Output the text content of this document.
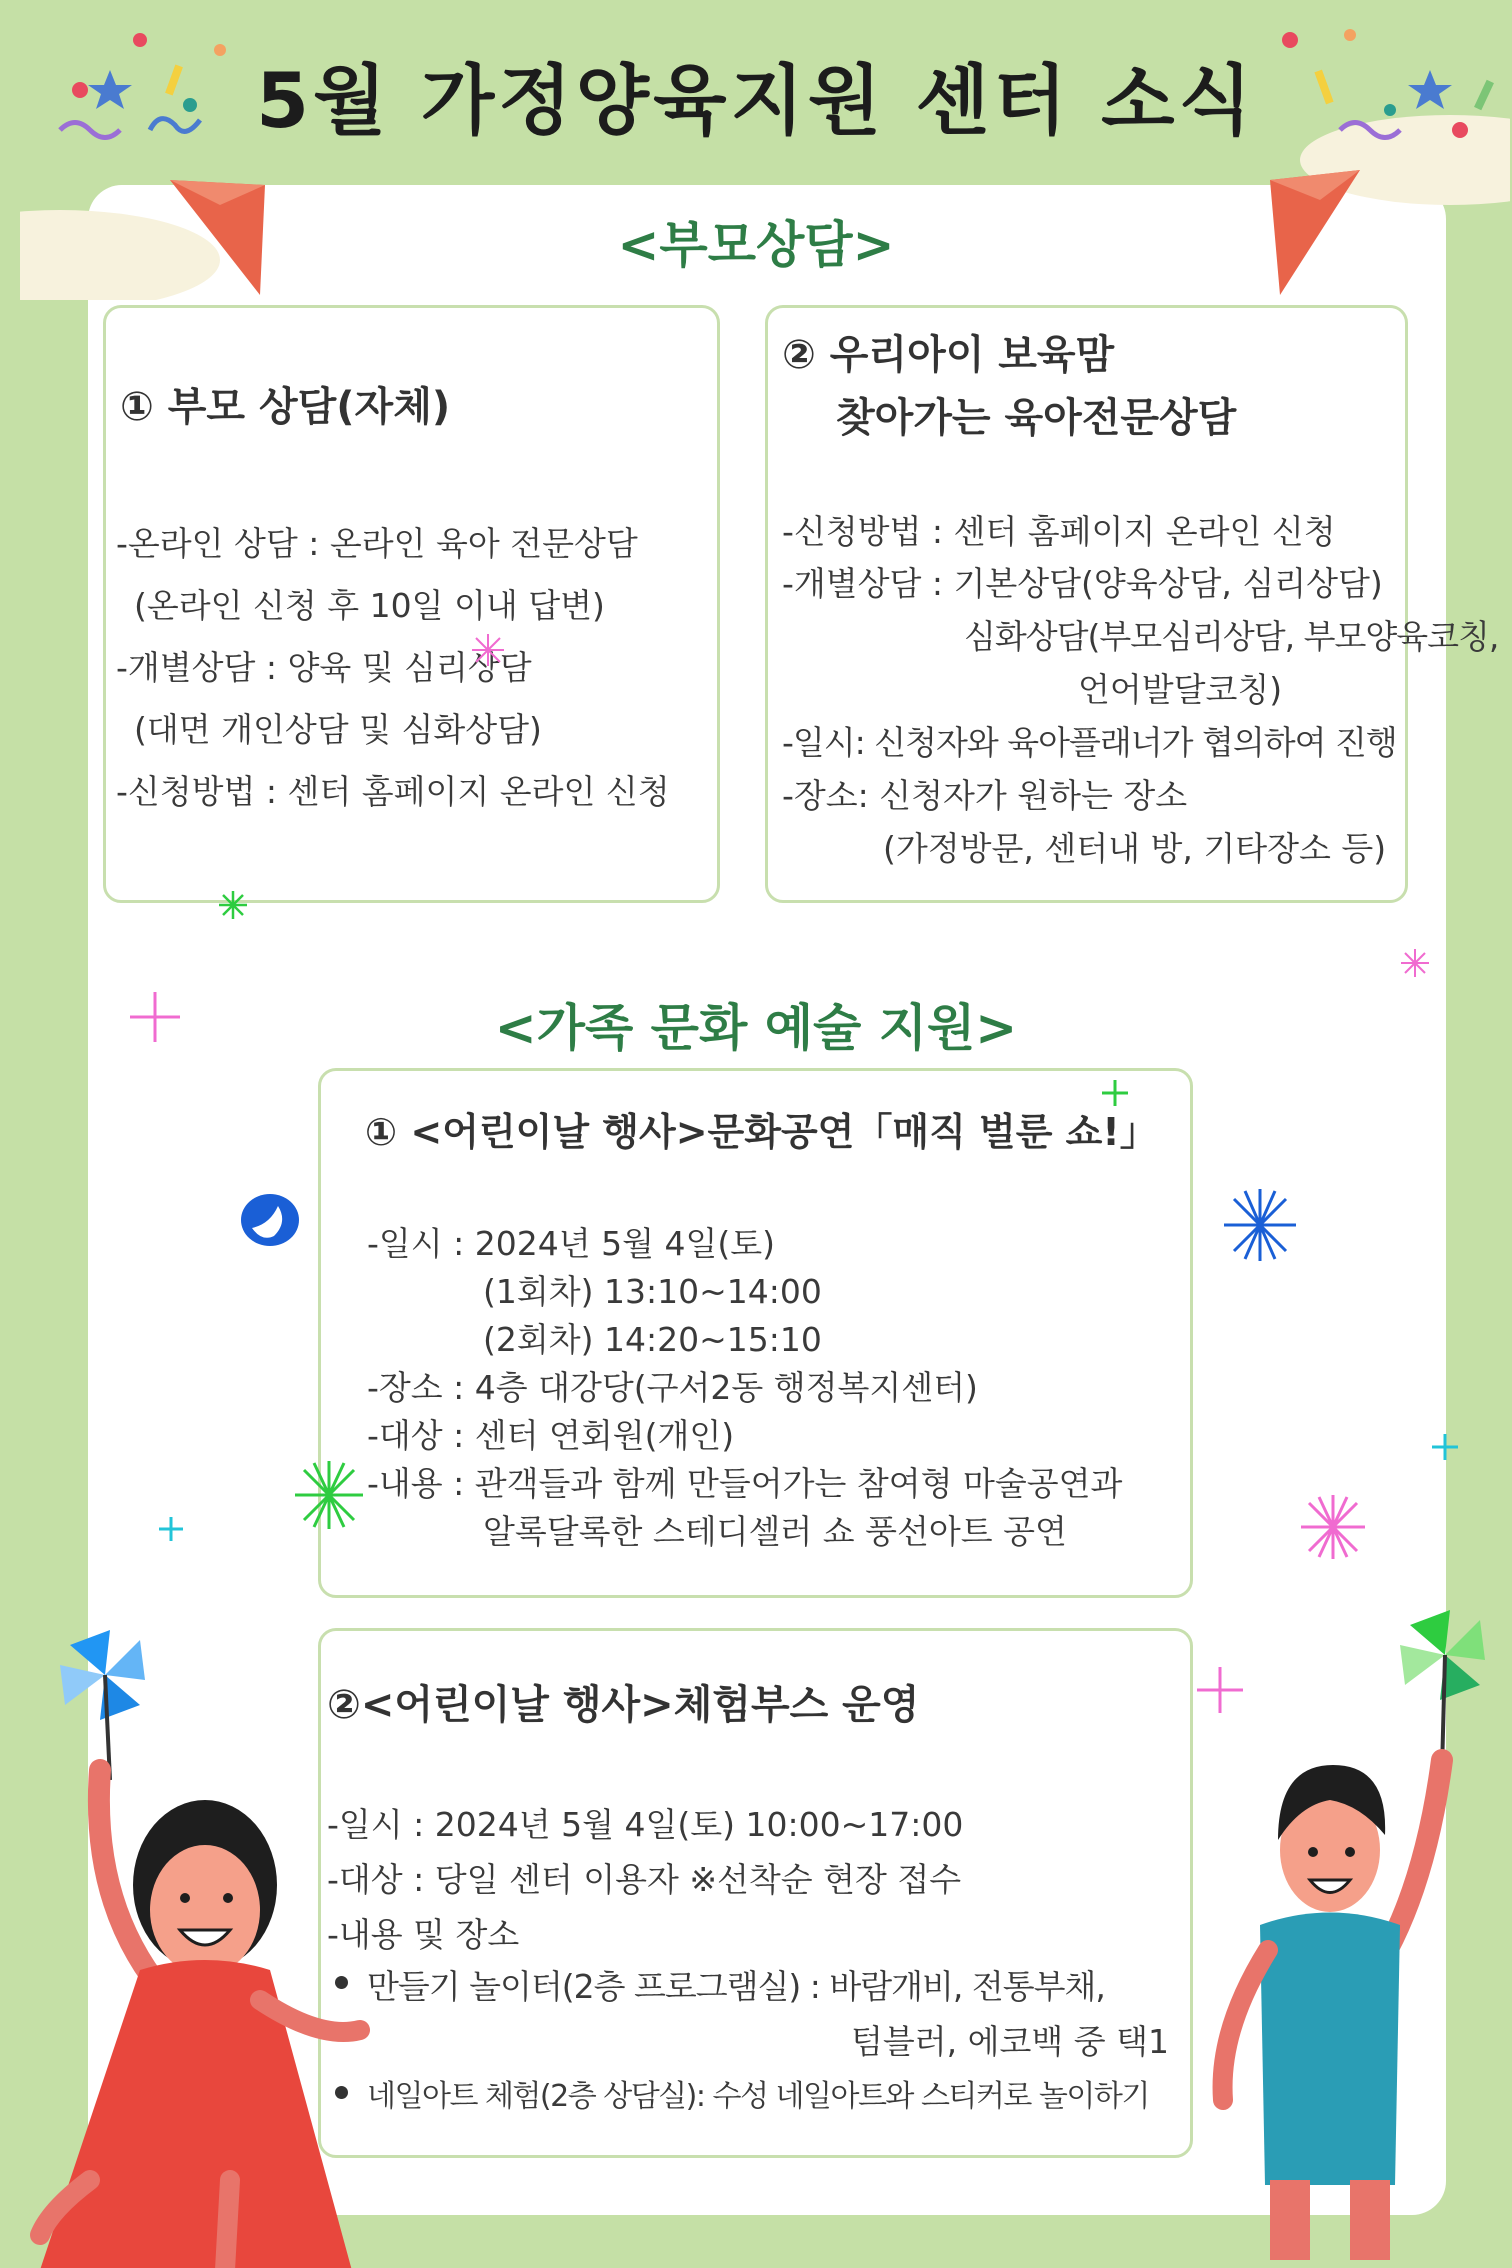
5월 가정양육지원 센터 소식
<부모상담>
① 부모 상담(자체)
-온라인 상담 : 온라인 육아 전문상담
(온라인 신청 후 10일 이내 답변)
-개별상담 : 양육 및 심리상담
(대면 개인상담 및 심화상담)
-신청방법 : 센터 홈페이지 온라인 신청
② 우리아이 보육맘
찾아가는 육아전문상담
-신청방법 : 센터 홈페이지 온라인 신청
-개별상담 : 기본상담(양육상담, 심리상담)
심화상담(부모심리상담, 부모양육코칭,
언어발달코칭)
-일시: 신청자와 육아플래너가 협의하여 진행
-장소: 신청자가 원하는 장소
(가정방문, 센터내 방, 기타장소 등)
<가족 문화 예술 지원>
① <어린이날 행사>문화공연「매직 벌룬 쇼!」
-일시 : 2024년 5월 4일(토)
(1회차) 13:10~14:00
(2회차) 14:20~15:10
-장소 : 4층 대강당(구서2동 행정복지센터)
-대상 : 센터 연회원(개인)
-내용 : 관객들과 함께 만들어가는 참여형 마술공연과
알록달록한 스테디셀러 쇼 풍선아트 공연
②<어린이날 행사>체험부스 운영
-일시 : 2024년 5월 4일(토) 10:00~17:00
-대상 : 당일 센터 이용자 ※선착순 현장 접수
-내용 및 장소
만들기 놀이터(2층 프로그램실) : 바람개비, 전통부채,
텀블러, 에코백 중 택1
네일아트 체험(2층 상담실): 수성 네일아트와 스티커로 놀이하기
